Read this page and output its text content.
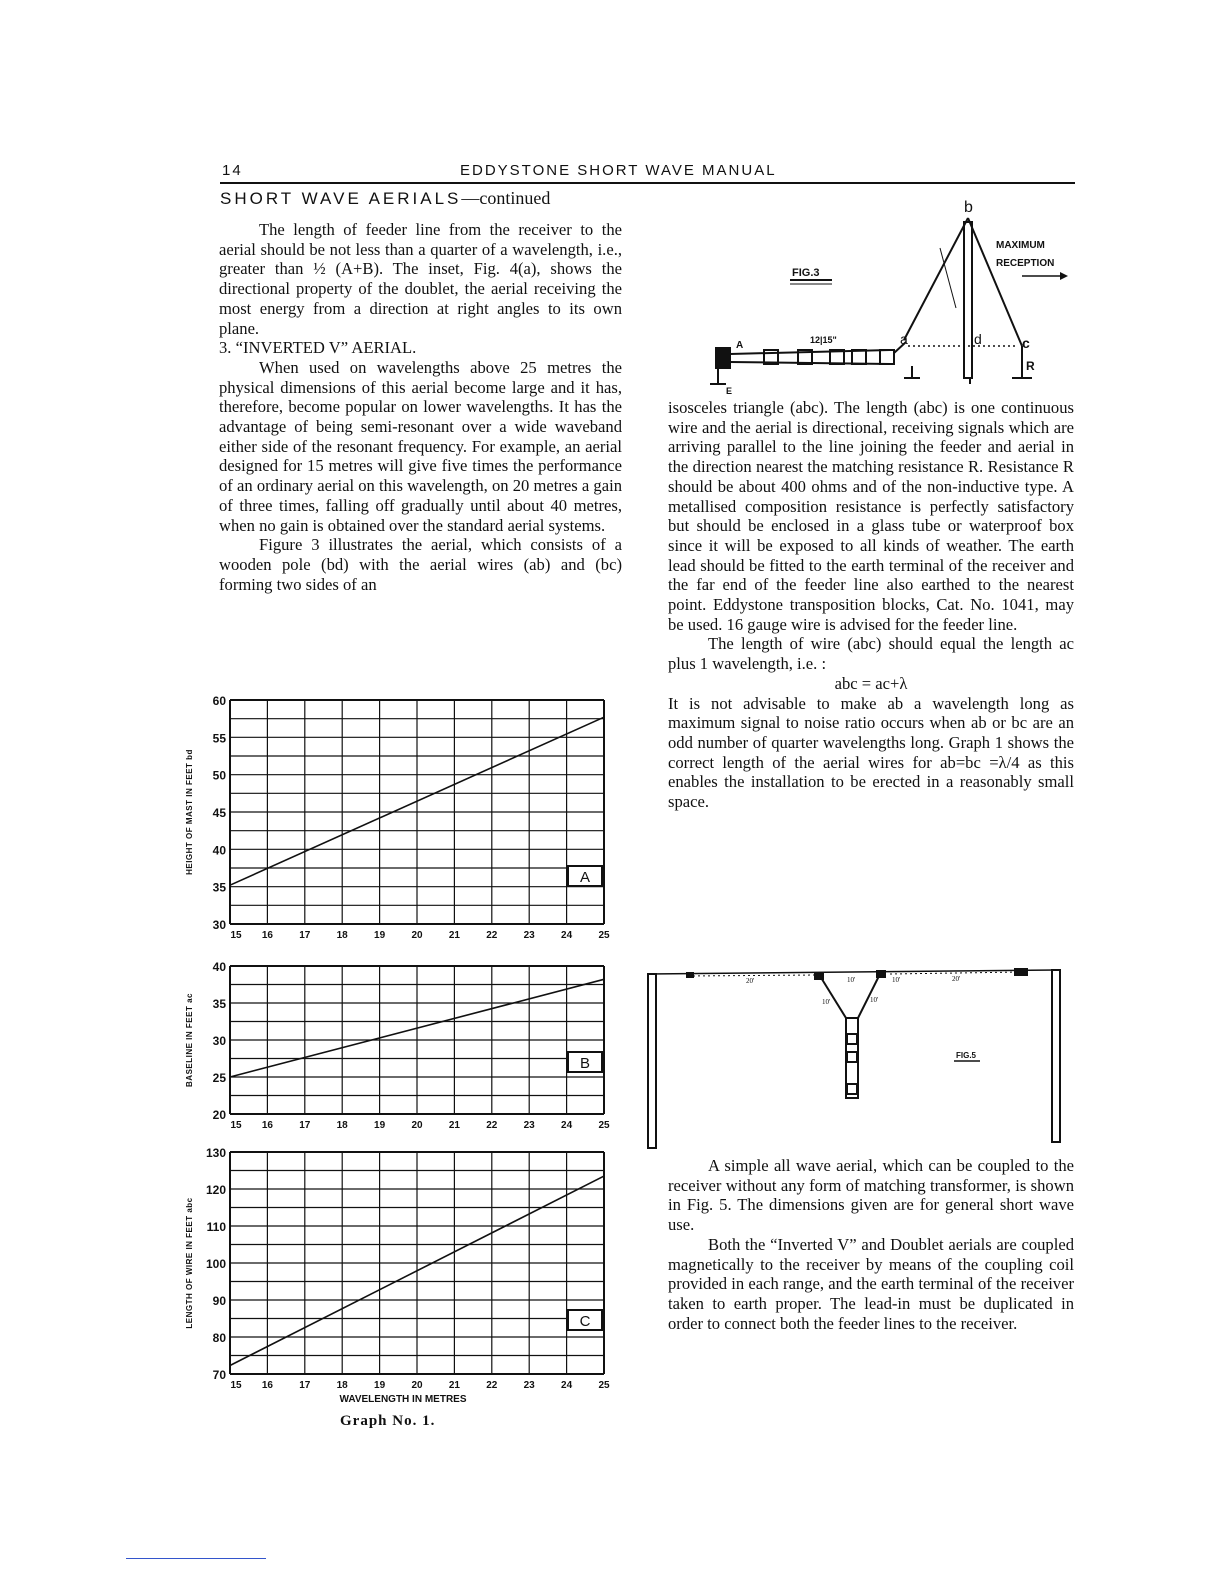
14	EDDYSTONE SHORT WAVE MANUAL
SHORT WAVE AERIALS—continued

The length of feeder line from the receiver to the aerial should be not less than a quarter of a wavelength, i.e., greater than ½ (A+B). The inset, Fig. 4(a), shows the directional property of the doublet, the aerial receiving the most energy from a direction at right angles to its own plane.

3. “INVERTED V” AERIAL.

When used on wavelengths above 25 metres the physical dimensions of this aerial become large and it has, therefore, become popular on lower wavelengths. It has the advantage of being semi-resonant over a wide waveband either side of the resonant frequency. For example, an aerial designed for 15 metres will give five times the performance of an ordinary aerial on this wavelength, on 20 metres a gain of three times, falling off gradually until about 40 metres, when no gain is obtained over the standard aerial systems.

Figure 3 illustrates the aerial, which consists of a wooden pole (bd) with the aerial wires (ab) and (bc) forming two sides of an

b
a	c
d
R
A
E
12|15"
FIG.3
MAXIMUM
RECEPTION

isosceles triangle (abc). The length (abc) is one continuous wire and the aerial is directional, receiving signals which are arriving parallel to the line joining the feeder and aerial in the direction nearest the matching resistance R. Resistance R should be about 400 ohms and of the non-inductive type. A metallised composition resistance is perfectly satisfactory but should be enclosed in a glass tube or waterproof box since it will be exposed to all kinds of weather. The earth lead should be fitted to the earth terminal of the receiver and the far end of the feeder line also earthed to the nearest point. Eddystone transposition blocks, Cat. No. 1041, may be used. 16 gauge wire is advised for the feeder line.

The length of wire (abc) should equal the length ac plus 1 wavelength, i.e. :

abc = ac+λ

It is not advisable to make ab a wavelength long as maximum signal to noise ratio occurs when ab or bc are an odd number of quarter wavelengths long. Graph 1 shows the correct length of the aerial wires for ab=bc =λ/4 as this enables the installation to be erected in a reasonably small space.

20'	10'	10'	20'
10'	10'
FIG.5

A simple all wave aerial, which can be coupled to the receiver without any form of matching transformer, is shown in Fig. 5. The dimensions given are for general short wave use.

Both the “Inverted V” and Doublet aerials are coupled magnetically to the receiver by means of the coupling coil provided in each range, and the earth terminal of the receiver taken to earth proper. The lead-in must be duplicated in order to connect both the feeder lines to the receiver.

30
35
40
45
50
55
60
15 16	17	18	19	20	21	22	23	24	25
A
HEIGHT OF MAST IN FEET bd
20
25
30
35
40
15 16	17	18	19	20	21	22	23	24	25
B
BASELINE IN FEET ac
70
80
90
100
110
120
130
15 16	17	18	19	20	21	22	23	24	25
C
LENGTH OF WIRE IN FEET abc
WAVELENGTH IN METRES
Graph No. 1.
